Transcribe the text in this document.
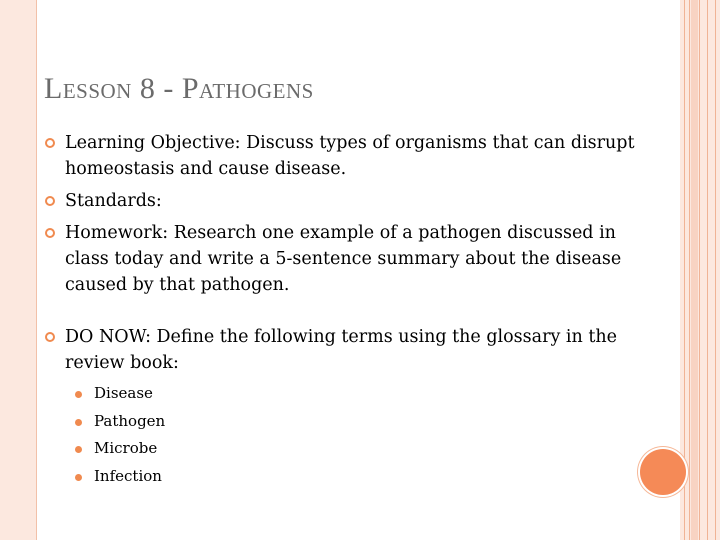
Lesson 8 - Pathogens
Learning Objective: Discuss types of organisms that can disrupt homeostasis and cause disease.
Standards:
Homework: Research one example of a pathogen discussed in class today and write a 5-sentence summary about the disease caused by that pathogen.
DO NOW: Define the following terms using the glossary in the review book:
Disease
Pathogen
Microbe
Infection
